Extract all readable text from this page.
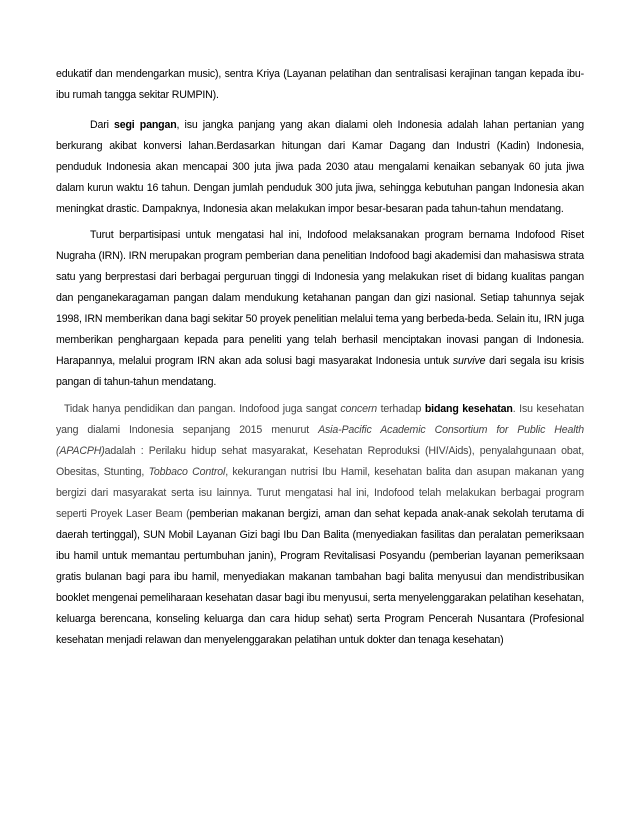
edukatif dan mendengarkan music), sentra Kriya (Layanan pelatihan dan sentralisasi kerajinan tangan kepada ibu-ibu rumah tangga sekitar RUMPIN).

Dari segi pangan, isu jangka panjang yang akan dialami oleh Indonesia adalah lahan pertanian yang berkurang akibat konversi lahan.Berdasarkan hitungan dari Kamar Dagang dan Industri (Kadin) Indonesia, penduduk Indonesia akan mencapai 300 juta jiwa pada 2030 atau mengalami kenaikan sebanyak 60 juta jiwa dalam kurun waktu 16 tahun. Dengan jumlah penduduk 300 juta jiwa, sehingga kebutuhan pangan Indonesia akan meningkat drastic. Dampaknya, Indonesia akan melakukan impor besar-besaran pada tahun-tahun mendatang.

Turut berpartisipasi untuk mengatasi hal ini, Indofood melaksanakan program bernama Indofood Riset Nugraha (IRN). IRN merupakan program pemberian dana penelitian Indofood bagi akademisi dan mahasiswa strata satu yang berprestasi dari berbagai perguruan tinggi di Indonesia yang melakukan riset di bidang kualitas pangan dan penganekaragaman pangan dalam mendukung ketahanan pangan dan gizi nasional. Setiap tahunnya sejak 1998, IRN memberikan dana bagi sekitar 50 proyek penelitian melalui tema yang berbeda-beda. Selain itu, IRN juga memberikan penghargaan kepada para peneliti yang telah berhasil menciptakan inovasi pangan di Indonesia. Harapannya, melalui program IRN akan ada solusi bagi masyarakat Indonesia untuk survive dari segala isu krisis pangan di tahun-tahun mendatang.

Tidak hanya pendidikan dan pangan. Indofood juga sangat concern terhadap bidang kesehatan. Isu kesehatan yang dialami Indonesia sepanjang 2015 menurut Asia-Pacific Academic Consortium for Public Health (APACPH)adalah : Perilaku hidup sehat masyarakat, Kesehatan Reproduksi (HIV/Aids), penyalahgunaan obat, Obesitas, Stunting, Tobbaco Control, kekurangan nutrisi Ibu Hamil, kesehatan balita dan asupan makanan yang bergizi dari masyarakat serta isu lainnya. Turut mengatasi hal ini, Indofood telah melakukan berbagai program seperti Proyek Laser Beam (pemberian makanan bergizi, aman dan sehat kepada anak-anak sekolah terutama di daerah tertinggal), SUN Mobil Layanan Gizi bagi Ibu Dan Balita (menyediakan fasilitas dan peralatan pemeriksaan ibu hamil untuk memantau pertumbuhan janin), Program Revitalisasi Posyandu (pemberian layanan pemeriksaan gratis bulanan bagi para ibu hamil, menyediakan makanan tambahan bagi balita menyusui dan mendistribusikan booklet mengenai pemeliharaan kesehatan dasar bagi ibu menyusui, serta menyelenggarakan pelatihan kesehatan, keluarga berencana, konseling keluarga dan cara hidup sehat) serta Program Pencerah Nusantara (Profesional kesehatan menjadi relawan dan menyelenggarakan pelatihan untuk dokter dan tenaga kesehatan)
